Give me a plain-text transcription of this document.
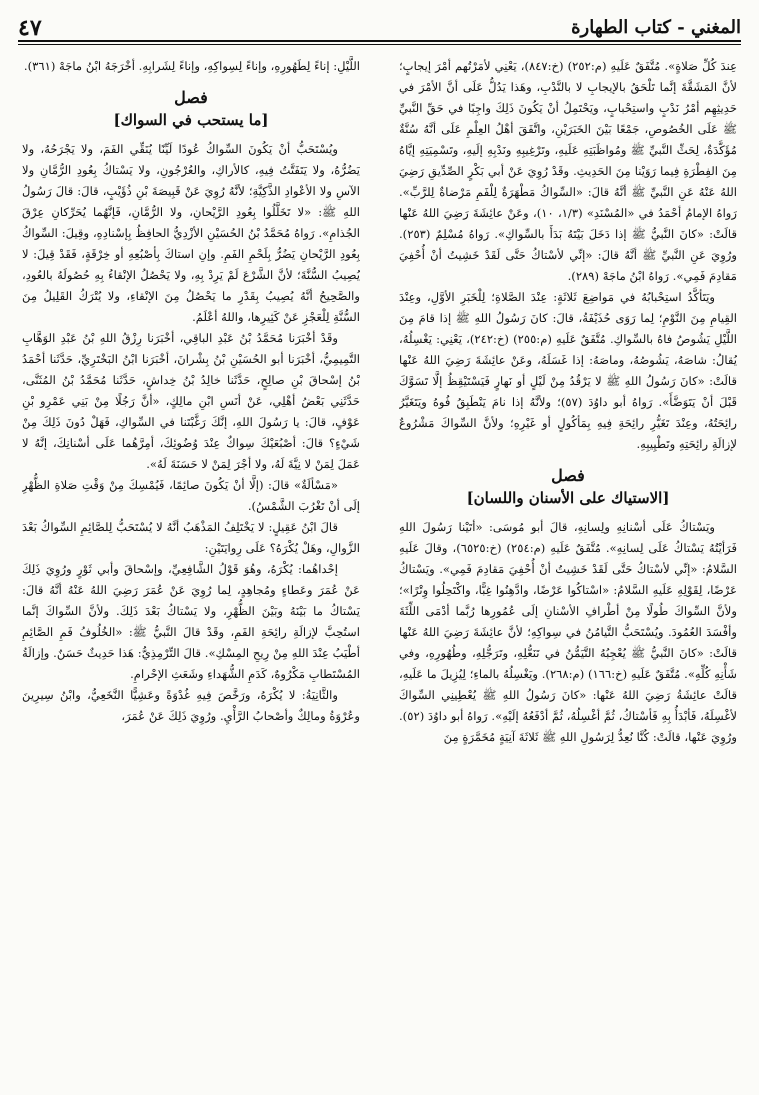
المغني - كتاب الطهارة
٤٧

عِندَ كُلِّ صَلاةٍ». مُتَّفَقٌ عَلَيهِ (م:٢٥٢) (خ:٨٤٧)، يَعْنِي لأمَرْتُهم أمْرَ إيجابٍ؛ لأنَّ المَشَقَّةَ إنَّما تَلْحَقُ بالإيجابِ لا بالنَّدْبِ، وهَذا يَدُلُّ عَلَى أنَّ الأمْرَ في حَدِيثِهِم أمْرُ نَدْبٍ واستِحْبابٍ، ويَحْتَمِلُ أنْ يَكُونَ ذَلِكَ واجِبًا في حَقِّ النَّبيِّ ﷺ عَلَى الخُصُوصِ، جَمْعًا بَيْنَ الخَبَرَيْنِ، واتَّفَقَ أهْلُ العِلْمِ عَلَى أنَّهُ سُنَّةٌ مُؤَكَّدَةٌ، لِحَثِّ النَّبيِّ ﷺ ومُواظَبَتِهِ عَلَيهِ، وتَرْغِيبِهِ ونَدْبِهِ إلَيهِ، وتَسْمِيَتِهِ إيَّاهُ مِنَ الفِطْرَةِ فِيما رَوَيْنا مِنَ الحَدِيثِ. وقَدْ رُوِيَ عَنْ أبي بَكْرٍ الصِّدِّيقِ رَضِيَ اللهُ عَنْهُ عَنِ النَّبيِّ ﷺ أنَّهُ قالَ: «السِّواكُ مَطْهَرَةٌ لِلْفَمِ مَرْضاةٌ لِلرَّبِّ». رَواهُ الإمامُ أحْمَدُ في «المُسْنَدِ» (١/٣، ١٠)، وعَنْ عائِشَةَ رَضِيَ اللهُ عَنْها قالَتْ: «كانَ النَّبيُّ ﷺ إذا دَخَلَ بَيْتَهُ بَدَأَ بالسِّواكِ». رَواهُ مُسْلِمٌ (٢٥٣). ورُوِيَ عَنِ النَّبيِّ ﷺ أنَّهُ قالَ: «إنِّي لأسْتاكُ حَتَّى لَقَدْ خَشِيتُ أنْ أُحْفِيَ مَقادِمَ فَمِي». رَواهُ ابْنُ ماجَهْ (٢٨٩).

ويَتَأكَّدُ استِحْبابُهُ في مَواضِعَ ثَلاثَةٍ: عِنْدَ الصَّلاةِ؛ لِلْخَبَرِ الأوَّلِ، وعِنْدَ القِيامِ مِنَ النَّوْمِ؛ لِما رَوَى حُذَيْفَةُ، قالَ: كانَ رَسُولُ اللهِ ﷺ إذا قامَ مِنَ اللَّيْلِ يَشُوصُ فاهُ بالسِّواكِ. مُتَّفَقٌ عَلَيهِ (م:٢٥٥) (خ:٢٤٢)، يَعْنِي: يَغْسِلُهُ، يُقالُ: شاصَهُ، يَشُوصُهُ، وماصَهُ: إذا غَسَلَهُ، وعَنْ عائِشَةَ رَضِيَ اللهُ عَنْها قالَتْ: «كانَ رَسُولُ اللهِ ﷺ لا يَرْقُدُ مِنْ لَيْلٍ أو نَهارٍ فَيَسْتَيْقِظُ إلَّا تَسَوَّكَ قَبْلَ أنْ يَتَوَضَّأَ». رَواهُ أبو داوُدَ (٥٧)؛ ولأنَّهُ إذا نامَ يَنْطَبِقُ فُوهُ ويَتَغَيَّرُ رائِحَتُهُ، وعِنْدَ تَغَيُّرِ رائِحَةِ فِيهِ بِمَأكُولٍ أو غَيْرِهِ؛ ولأنَّ السِّواكَ مَشْرُوعٌ لإزالَةِ رائِحَتِهِ وتَطْيِيبِهِ.

فصل
[الاستياك على الأسنان واللسان]

ويَسْتاكُ عَلَى أسْنانِهِ ولِسانِهِ، قالَ أبو مُوسَى: «أتَيْنا رَسُولَ اللهِ فَرَأيْتُهُ يَسْتاكُ عَلَى لِسانِهِ». مُتَّفَقٌ عَلَيهِ (م:٢٥٤) (خ:٦٥٢٥)، وقالَ عَلَيهِ السَّلامُ: «إنِّي لأسْتاكُ حَتَّى لَقَدْ خَشِيتُ أنْ أُحْفِيَ مَقادِمَ فَمِي». ويَسْتاكُ عَرْضًا، لِقَوْلِهِ عَلَيهِ السَّلامُ: «اسْتاكُوا عَرْضًا، وادَّهِنُوا غِبًّا، واكْتَحِلُوا وِتْرًا»؛ ولأنَّ السِّواكَ طُولًا مِنْ أطْرافِ الأسْنانِ إلَى عُمُورِها رُبَّما أدْمَى اللِّثَةَ وأفْسَدَ العُمُودَ. ويُسْتَحَبُّ التَّيامُنُ في سِواكِهِ؛ لأنَّ عائِشَةَ رَضِيَ اللهُ عَنْها قالَتْ: «كانَ النَّبيُّ ﷺ يُعْجِبُهُ التَّيَمُّنُ في تَنَعُّلِهِ، وتَرَجُّلِهِ، وطُهُورِهِ، وفي شَأْنِهِ كُلِّهِ». مُتَّفَقٌ عَلَيهِ (خ:١٦٦) (م:٢٦٨). ويَغْسِلُهُ بالماءِ؛ لِيُزِيلَ ما عَلَيهِ، قالَتْ عائِشَةُ رَضِيَ اللهُ عَنْها: «كانَ رَسُولُ اللهِ ﷺ يُعْطِينِي السِّواكَ لأغْسِلَهُ، فَأبْدَأُ بِهِ فَأسْتاكُ، ثُمَّ أغْسِلُهُ، ثُمَّ أدْفَعُهُ إلَيْهِ». رَواهُ أبو داوُدَ (٥٢). ورُوِيَ عَنْها، قالَتْ: كُنَّا نُعِدُّ لِرَسُولِ اللهِ ﷺ ثَلاثَةَ آنِيَةٍ مُخَمَّرَةٍ مِنَ

اللَّيْلِ: إناءً لِطَهُورِهِ، وإناءً لِسِواكِهِ، وإناءً لِشَرابِهِ. أخْرَجَهُ ابْنُ ماجَهْ (٣٦١).

فصل
[ما يستحب في السواك]

ويُسْتَحَبُّ أنْ يَكُونَ السِّواكُ عُودًا لَيِّنًا يُنَقِّي الفَمَ، ولا يَجْرَحُهُ، ولا يَضُرُّهُ، ولا يَتَفَتَّتُ فِيهِ، كالأراكِ، والعُرْجُونِ، ولا يَسْتاكُ بِعُودِ الرُّمَّانِ ولا الآسِ ولا الأعْوادِ الذَّكِيَّةِ؛ لأنَّهُ رُوِيَ عَنْ قَبِيصَةَ بْنِ ذُؤَيْبٍ، قالَ: قالَ رَسُولُ اللهِ ﷺ: «لا تَخَلَّلُوا بِعُودِ الرَّيْحانِ، ولا الرُّمَّانِ، فَإنَّهُما يُحَرِّكانِ عِرْقَ الجُذامِ». رَواهُ مُحَمَّدُ بْنُ الحُسَيْنِ الأزْدِيُّ الحافِظُ بِإسْنادِهِ، وقِيلَ: السِّواكُ بِعُودِ الرَّيْحانِ يَضُرُّ بِلَحْمِ الفَمِ. وإنِ استاكَ بِأصْبُعِهِ أو خِرْقَةٍ، فَقَدْ قِيلَ: لا يُصِيبُ السُّنَّةَ؛ لأنَّ الشَّرْعَ لَمْ يَرِدْ بِهِ، ولا يَحْصُلُ الإنْقاءُ بِهِ حُصُولَهُ بالعُودِ، والصَّحِيحُ أنَّهُ يُصِيبُ بِقَدْرِ ما يَحْصُلُ مِنَ الإنْقاءِ، ولا يُتْرَكُ القَلِيلُ مِنَ السُّنَّةِ لِلْعَجْزِ عَنْ كَثِيرِها، واللهُ أعْلَمُ.

وقَدْ أخْبَرَنا مُحَمَّدُ بْنُ عَبْدِ الباقِي، أخْبَرَنا رِزْقُ اللهِ بْنُ عَبْدِ الوَهَّابِ التَّمِيمِيُّ، أخْبَرَنا أبو الحُسَيْنِ بْنُ بِشْرانَ، أخْبَرَنا ابْنُ البَخْتَرِيِّ، حَدَّثَنا أحْمَدُ بْنُ إسْحاقَ بْنِ صالِحٍ، حَدَّثَنا خالِدُ بْنُ خِداشٍ، حَدَّثَنا مُحَمَّدُ بْنُ المُثَنَّى، حَدَّثَنِي بَعْضُ أهْلِي، عَنْ أنَسِ ابْنِ مالِكٍ، «أنَّ رَجُلًا مِنْ بَنِي عَمْرِو بْنِ عَوْفٍ، قالَ: يا رَسُولَ اللهِ، إنَّكَ رَغَّبْتَنا في السِّواكِ، فَهَلْ دُونَ ذَلِكَ مِنْ شَيْءٍ؟ قالَ: أصْبُعَيْكَ سِواكٌ عِنْدَ وُضُوئِكَ، أمِرَّهُما عَلَى أسْنانِكَ، إنَّهُ لا عَمَلَ لِمَنْ لا نِيَّةَ لَهُ، ولا أجْرَ لِمَنْ لا حَسَنَةَ لَهُ».

«مَسْألَةٌ» قالَ: (إلَّا أنْ يَكُونَ صائِمًا، فَيُمْسِكَ مِنْ وَقْتِ صَلاةِ الظُّهْرِ إلَى أنْ تَغْرُبَ الشَّمْسُ).

قالَ ابْنُ عَقِيلٍ: لا يَخْتَلِفُ المَذْهَبُ أنَّهُ لا يُسْتَحَبُّ لِلصَّائِمِ السِّواكُ بَعْدَ الزَّوالِ، وهَلْ يُكْرَهُ؟ عَلَى رِوايَتَيْنِ:

إحْداهُما: يُكْرَهُ، وهُوَ قَوْلُ الشَّافِعِيِّ، وإسْحاقَ وأبي ثَوْرٍ ورُوِيَ ذَلِكَ عَنْ عُمَرَ وعَطاءٍ ومُجاهِدٍ، لِما رُوِيَ عَنْ عُمَرَ رَضِيَ اللهُ عَنْهُ أنَّهُ قالَ: يَسْتاكُ ما بَيْنَهُ وبَيْنَ الظُّهْرِ، ولا يَسْتاكُ بَعْدَ ذَلِكَ. ولأنَّ السِّواكَ إنَّما استُحِبَّ لإزالَةِ رائِحَةِ الفَمِ، وقَدْ قالَ النَّبيُّ ﷺ: «الخُلُوفُ فَمِ الصَّائِمِ أطْيَبُ عِنْدَ اللهِ مِنْ رِيحِ المِسْكِ». قالَ التِّرْمِذِيُّ: هَذا حَدِيثٌ حَسَنٌ. وإزالَةُ المُسْتَطابِ مَكْرُوهٌ، كَدَمِ الشُّهَداءِ وشَعَثِ الإحْرامِ.

والثَّانِيَةُ: لا يُكْرَهُ، ورَخَّصَ فِيهِ غُدْوَةً وعَشِيًّا النَّخَعِيُّ، وابْنُ سِيرِينَ وعُرْوَةُ ومالِكٌ وأصْحابُ الرَّأْيِ. ورُوِيَ ذَلِكَ عَنْ عُمَرَ،
